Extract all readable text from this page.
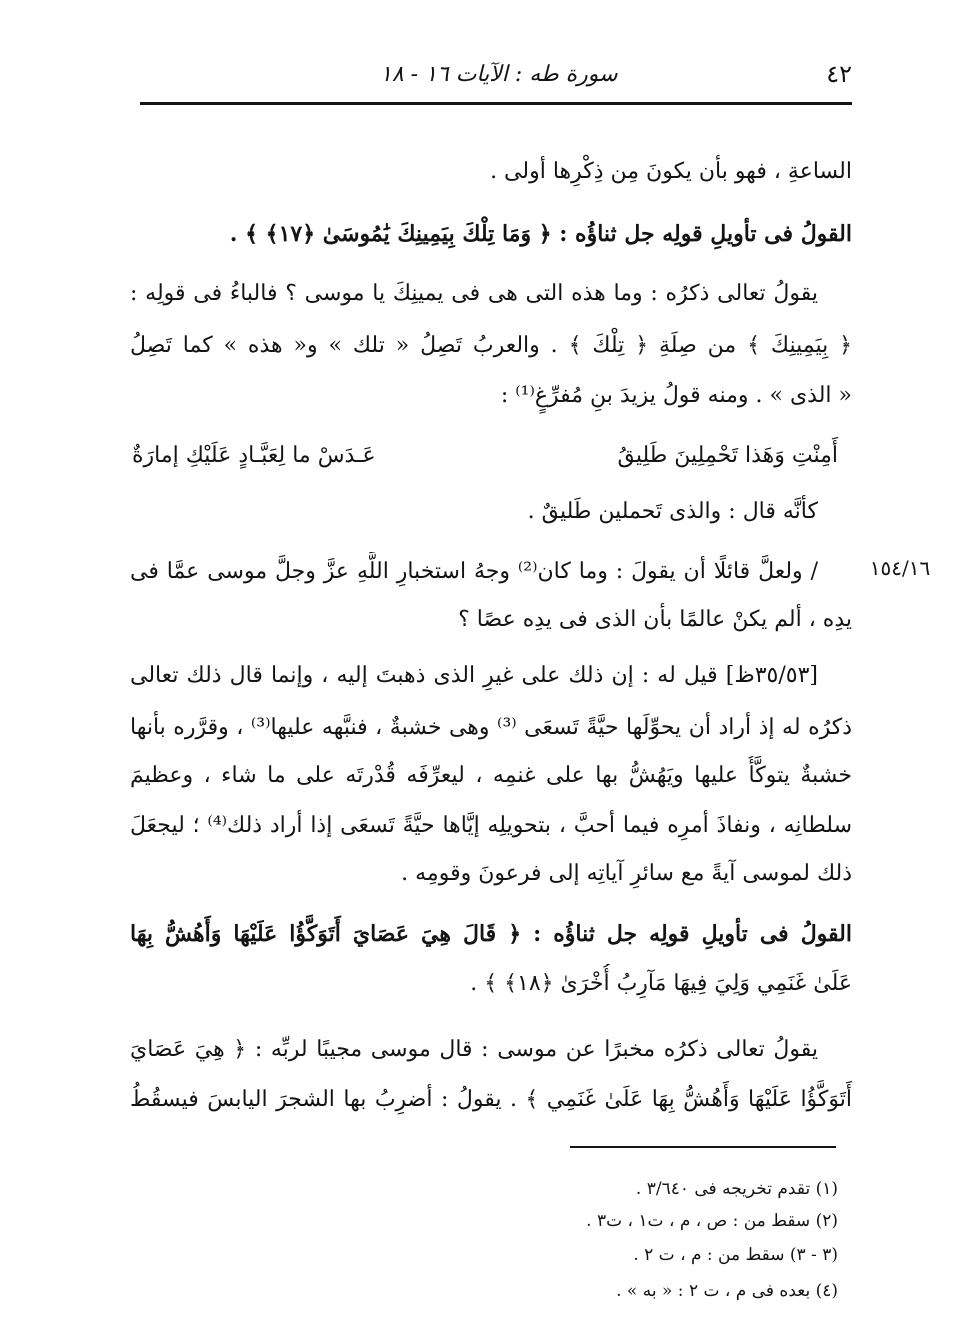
٤٢
سورة طه : الآيات ١٦ - ١٨
الساعةِ ، فهو بأن يكونَ مِن ذِكْرِها أولى .
القولُ فى تأويلِ قولِه جل ثناؤُه : ﴿ وَمَا تِلْكَ بِيَمِينِكَ يَٰمُوسَىٰ ﴿١٧﴾ ﴾ .
يقولُ تعالى ذكرُه : وما هذه التى هى فى يمينِكَ يا موسى ؟ فالباءُ فى قولِه :
﴿ بِيَمِينِكَ ﴾ من صِلَةِ ﴿ تِلْكَ ﴾ . والعربُ تَصِلُ « تلك » و« هذه » كما تَصِلُ
« الذى » . ومنه قولُ يزيدَ بنِ مُفرِّغٍ⁽¹⁾ :
أَمِنْتِ وَهَذا تَحْمِلِينَ طَلِيقُ
عَـدَسْ ما لِعَبَّـادٍ عَلَيْكِ إمارَةٌ
كأنَّه قال : والذى تَحملين طَليقٌ .
١٥٤/١٦
/ ولعلَّ قائلًا أن يقولَ : وما كان⁽²⁾ وجهُ استخبارِ اللَّهِ عزَّ وجلَّ موسى عمَّا فى
يدِه ، ألم يكنْ عالمًا بأن الذى فى يدِه عصًا ؟
[٣٥/٥٣ظ] قيل له : إن ذلك على غيرِ الذى ذهبتَ إليه ، وإنما قال ذلك تعالى
ذكرُه له إذ أراد أن يحوِّلَها حيَّةً تَسعَى ⁽³⁾ وهى خشبةٌ ، فنبَّهه عليها⁽³⁾ ، وقرَّره بأنها
خشبةٌ يتوكَّأُ عليها ويَهُشُّ بها على غنمِه ، ليعرِّفَه قُدْرتَه على ما شاء ، وعظيمَ
سلطانِه ، ونفاذَ أمرِه فيما أحبَّ ، بتحويلِه إيَّاها حيَّةً تَسعَى إذا أراد ذلك⁽⁴⁾ ؛ ليجعَلَ
ذلك لموسى آيةً مع سائرِ آياتِه إلى فرعونَ وقومِه .
القولُ فى تأويلِ قولِه جل ثناؤُه : ﴿ قَالَ هِيَ عَصَايَ أَتَوَكَّؤُا عَلَيْهَا وَأَهُشُّ بِهَا
عَلَىٰ غَنَمِي وَلِيَ فِيهَا مَآرِبُ أُخْرَىٰ ﴿١٨﴾ ﴾ .
يقولُ تعالى ذكرُه مخبرًا عن موسى : قال موسى مجيبًا لربِّه : ﴿ هِيَ عَصَايَ
أَتَوَكَّؤُا عَلَيْهَا وَأَهُشُّ بِهَا عَلَىٰ غَنَمِي ﴾ . يقولُ : أضرِبُ بها الشجرَ اليابسَ فيسقُطُ
(١) تقدم تخريجه فى ٣/٦٤٠ .
(٢) سقط من : ص ، م ، ت١ ، ت٣ .
(٣ - ٣) سقط من : م ، ت ٢ .
(٤) بعده فى م ، ت ٢ : « به » .
